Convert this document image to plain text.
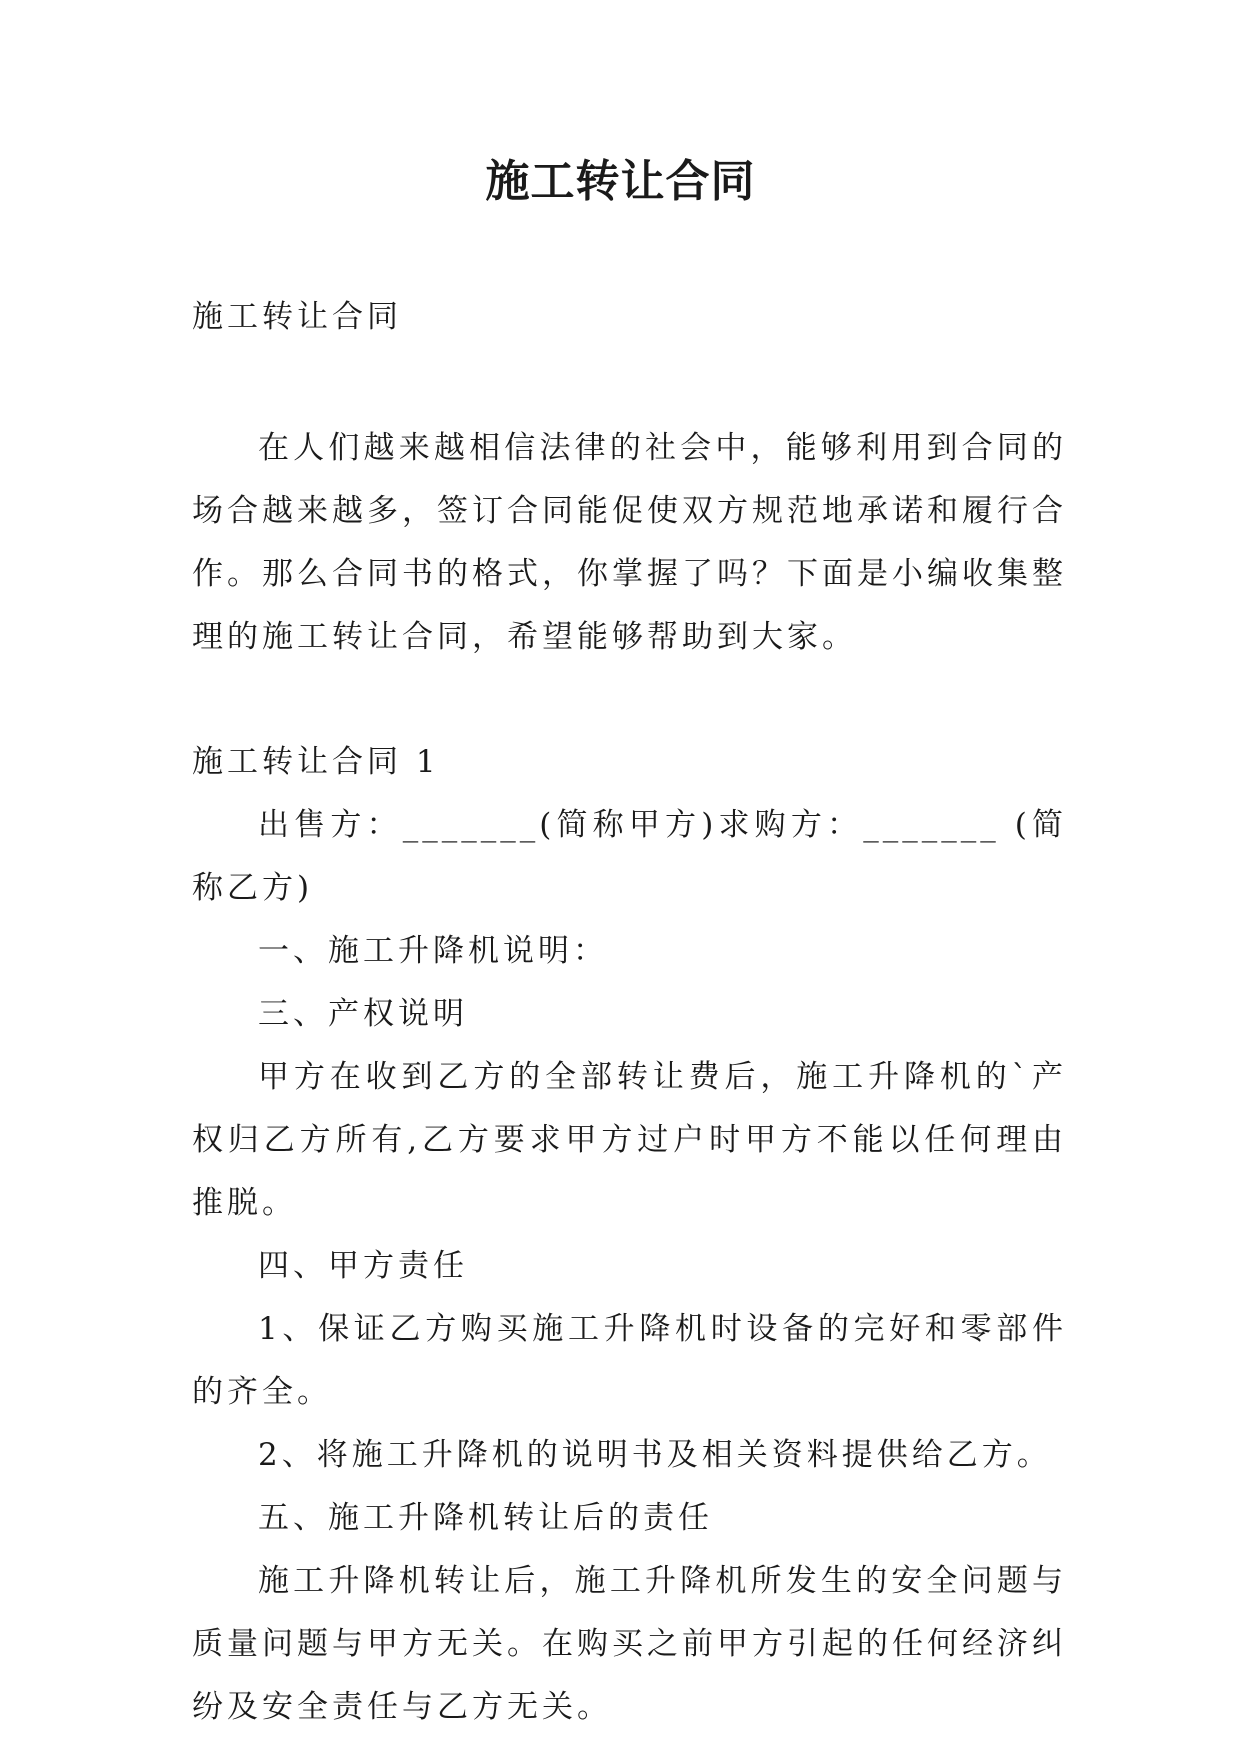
施工转让合同

施工转让合同

在人们越来越相信法律的社会中，能够利用到合同的场合越来越多，签订合同能促使双方规范地承诺和履行合作。那么合同书的格式，你掌握了吗？下面是小编收集整理的施工转让合同，希望能够帮助到大家。

施工转让合同 1

出售方：_______(简称甲方)求购方：_______ (简称乙方)

一、施工升降机说明：

三、产权说明

甲方在收到乙方的全部转让费后，施工升降机的`产权归乙方所有,乙方要求甲方过户时甲方不能以任何理由推脱。

四、甲方责任

1、保证乙方购买施工升降机时设备的完好和零部件的齐全。

2、将施工升降机的说明书及相关资料提供给乙方。

五、施工升降机转让后的责任

施工升降机转让后，施工升降机所发生的安全问题与质量问题与甲方无关。在购买之前甲方引起的任何经济纠纷及安全责任与乙方无关。
